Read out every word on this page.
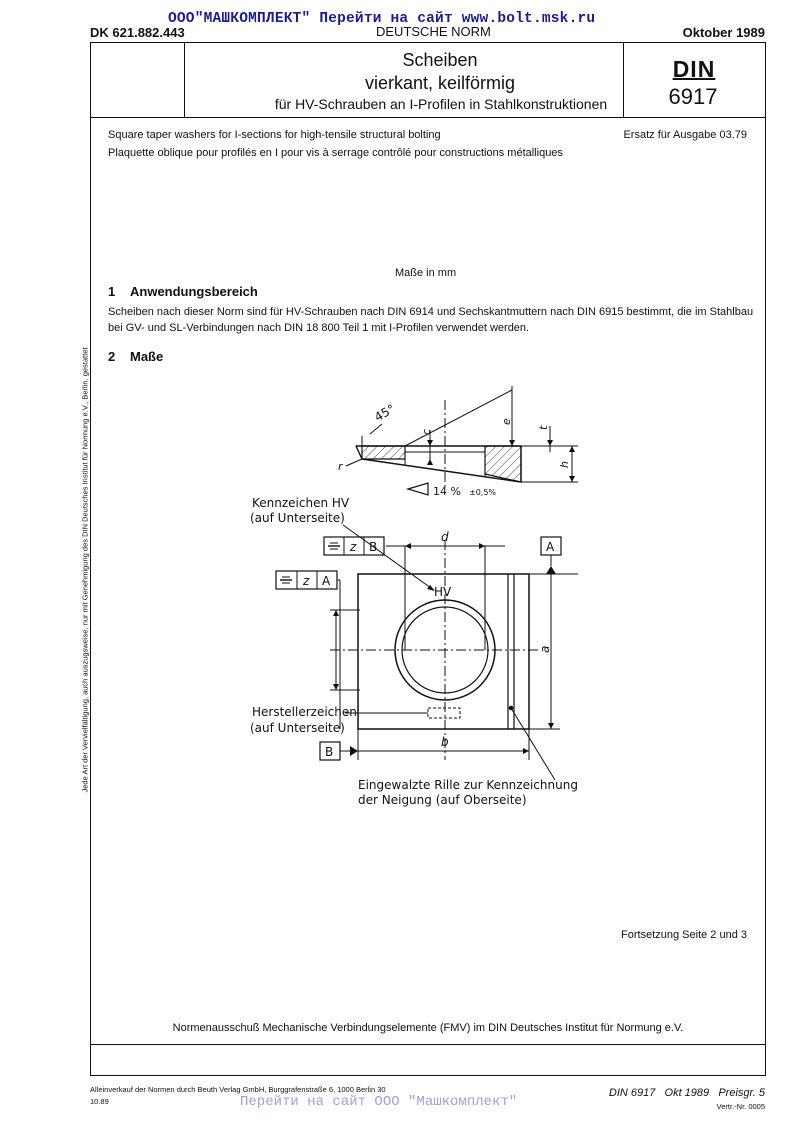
ООО"МАШКОМПЛЕКТ" Перейти на сайт www.bolt.msk.ru
Перейти на сайт ООО "Машкомплект"
DK 621.882.443	DEUTSCHE NORM	Oktober 1989
Scheiben
vierkant, keilförmig
für HV-Schrauben an I-Profilen in Stahlkonstruktionen
DIN
6917
Square taper washers for I-sections for high-tensile structural bolting	Ersatz für Ausgabe 03.79
Plaquette oblique pour profilés en I pour vis à serrage contrôlé pour constructions métalliques
Maße in mm
1 Anwendungsbereich
Scheiben nach dieser Norm sind für HV-Schrauben nach DIN 6914 und Sechskantmuttern nach DIN 6915 bestimmt, die im Stahlbau bei GV- und SL-Verbindungen nach DIN 18 800 Teil 1 mit I-Profilen verwendet werden.
2 Maße
45°
c
e
t
h
r
14 % ±0,5%
Kennzeichen HV
(auf Unterseite)
z B
z A
d
A
HV
a
B
b
Herstellerzeichen
(auf Unterseite)
Eingewalzte Rille zur Kennzeichnung
der Neigung (auf Oberseite)
Fortsetzung Seite 2 und 3
Normenausschuß Mechanische Verbindungselemente (FMV) im DIN Deutsches Institut für Normung e.V.
Jede Art der Vervielfältigung, auch auszugsweise, nur mit Genehmigung des DIN Deutsches Institut für Normung e.V., Berlin, gestattet
Alleinverkauf der Normen durch Beuth Verlag GmbH, Burggrafenstraße 6, 1000 Berlin 30
10.89
DIN 6917   Okt 1989   Preisgr. 5
Vertr.-Nr. 0005
